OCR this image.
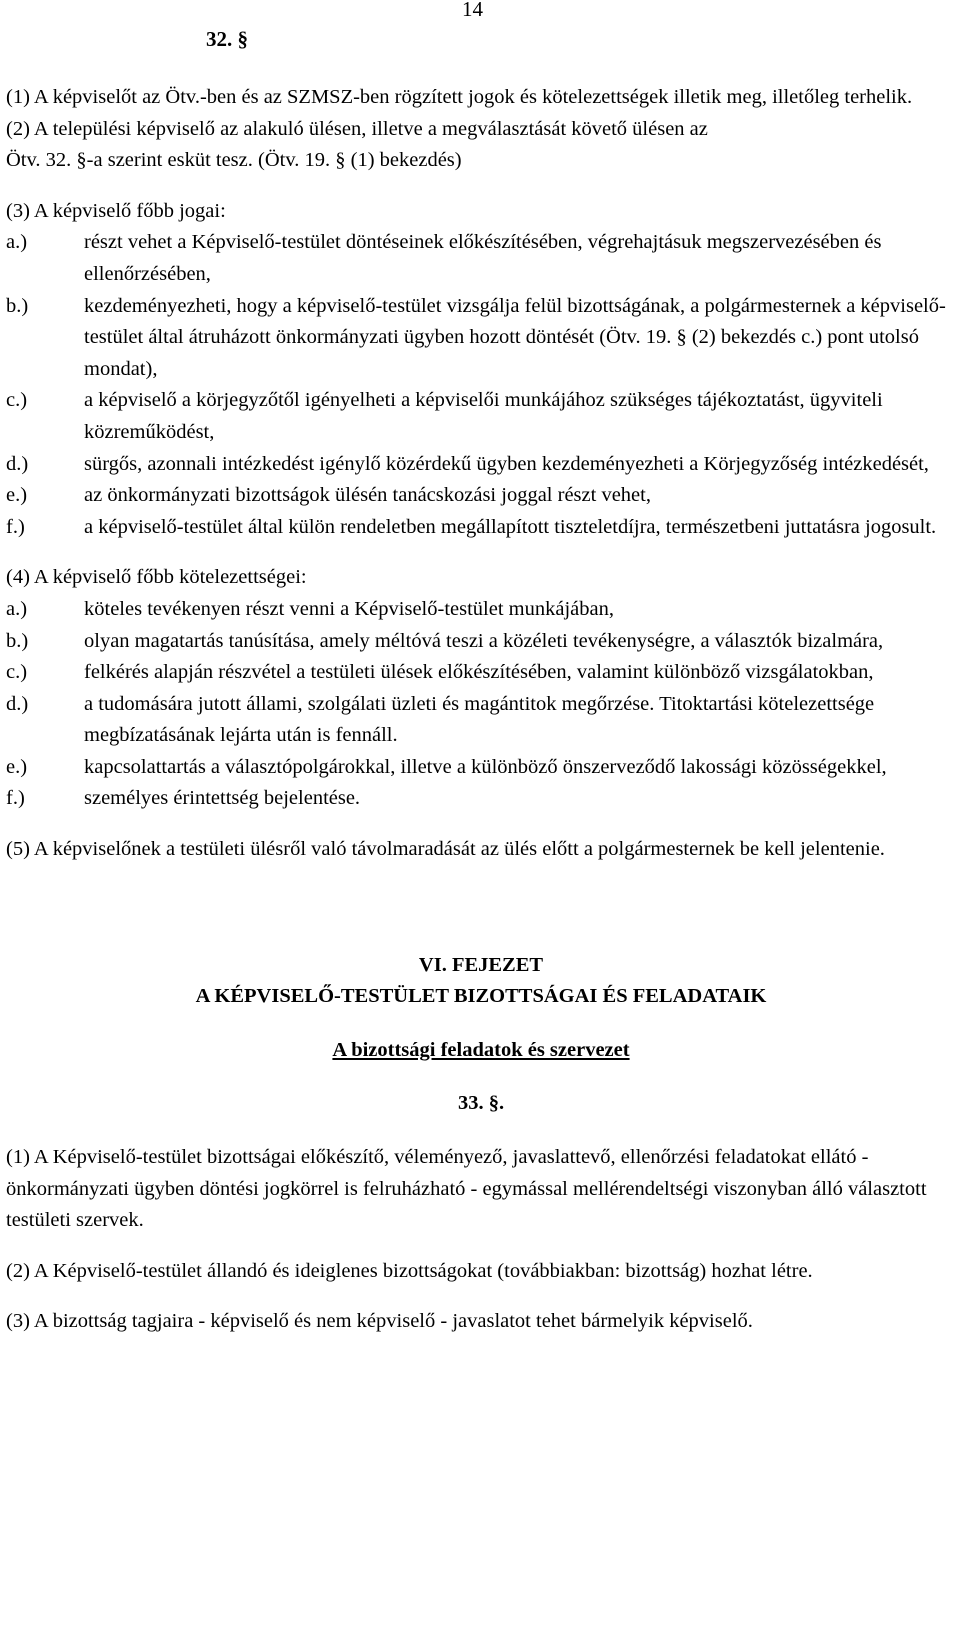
14
32. §

(1) A képviselőt az Ötv.-ben és az SZMSZ-ben rögzített jogok és kötelezettségek illetik meg, illetőleg terhelik.

(2) A települési képviselő az alakuló ülésen, illetve a megválasztását követő ülésen az

Ötv. 32. §-a szerint esküt tesz. (Ötv. 19. § (1) bekezdés)

(3) A képviselő főbb jogai:

a.)	részt vehet a Képviselő-testület döntéseinek előkészítésében, végrehajtásuk megszervezésében és ellenőrzésében,
b.)	kezdeményezheti, hogy a képviselő-testület vizsgálja felül bizottságának, a polgármesternek a képviselő-testület által átruházott önkormányzati ügyben hozott döntését (Ötv. 19. § (2) bekezdés c.) pont utolsó mondat),
c.)	a képviselő a körjegyzőtől igényelheti a képviselői munkájához szükséges tájékoztatást, ügyviteli közreműködést,
d.)	sürgős, azonnali intézkedést igénylő közérdekű ügyben kezdeményezheti a Körjegyzőség intézkedését,
e.)	az önkormányzati bizottságok ülésén tanácskozási joggal részt vehet,
f.)	a képviselő-testület által külön rendeletben megállapított tiszteletdíjra, természetbeni juttatásra jogosult.

(4) A képviselő főbb kötelezettségei:

a.)	köteles tevékenyen részt venni a Képviselő-testület munkájában,
b.)	olyan magatartás tanúsítása, amely méltóvá teszi a közéleti tevékenységre, a választók bizalmára,
c.)	felkérés alapján részvétel a testületi ülések előkészítésében, valamint különböző vizsgálatokban,
d.)	a tudomására jutott állami, szolgálati üzleti és magántitok megőrzése. Titoktartási kötelezettsége megbízatásának lejárta után is fennáll.
e.)	kapcsolattartás a választópolgárokkal, illetve a különböző önszerveződő lakossági közösségekkel,
f.)	személyes érintettség bejelentése.

(5) A képviselőnek a testületi ülésről való távolmaradását az ülés előtt a polgármesternek be kell jelentenie.

VI. FEJEZET

A KÉPVISELŐ-TESTÜLET BIZOTTSÁGAI ÉS FELADATAIK

A bizottsági feladatok és szervezet

33. §.

(1) A Képviselő-testület bizottságai előkészítő, véleményező, javaslattevő, ellenőrzési feladatokat ellátó - önkormányzati ügyben döntési jogkörrel is felruházható - egymással mellérendeltségi viszonyban álló választott testületi szervek.

(2) A Képviselő-testület állandó és ideiglenes bizottságokat (továbbiakban: bizottság) hozhat létre.

(3) A bizottság tagjaira - képviselő és nem képviselő - javaslatot tehet bármelyik képviselő.
